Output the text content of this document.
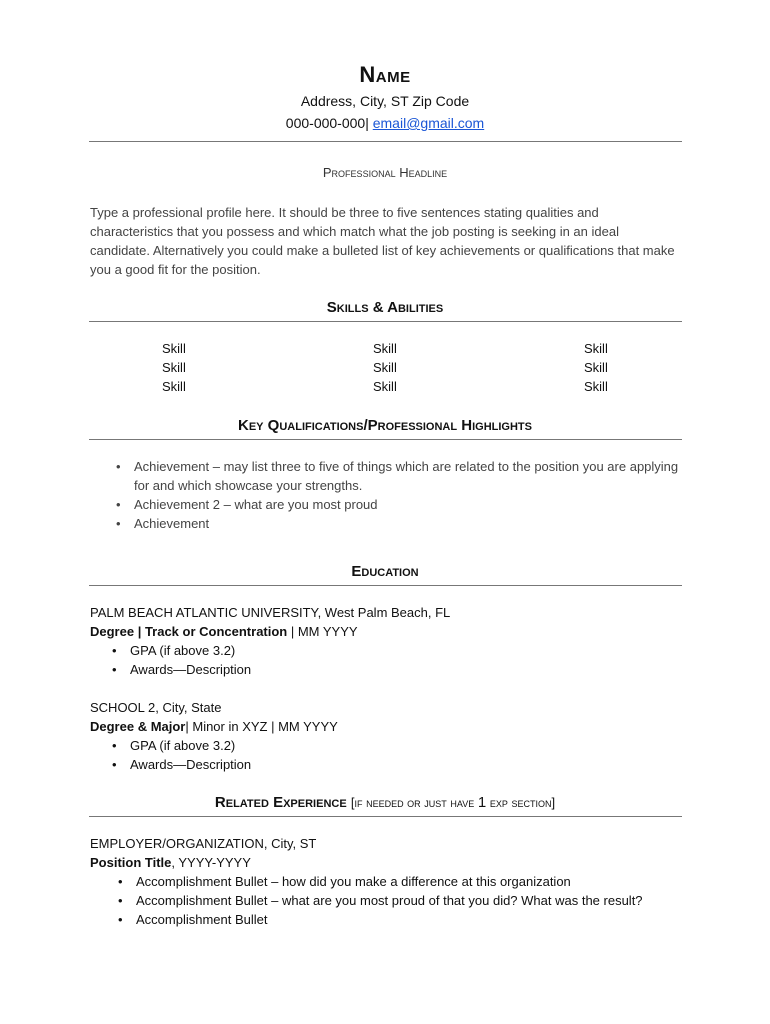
Name
Address, City, ST Zip Code
000-000-000| email@gmail.com
Professional Headline
Type a professional profile here. It should be three to five sentences stating qualities and characteristics that you possess and which match what the job posting is seeking in an ideal candidate. Alternatively you could make a bulleted list of key achievements or qualifications that make you a good fit for the position.
Skills & Abilities
Skill
Skill
Skill
Skill
Skill
Skill
Skill
Skill
Skill
Key Qualifications/Professional Highlights
• Achievement – may list three to five of things which are related to the position you are applying for and which showcase your strengths.
• Achievement 2 – what are you most proud
• Achievement
Education
PALM BEACH ATLANTIC UNIVERSITY, West Palm Beach, FL
Degree | Track or Concentration | MM YYYY
• GPA (if above 3.2)
• Awards—Description
SCHOOL 2, City, State
Degree & Major| Minor in XYZ | MM YYYY
• GPA (if above 3.2)
• Awards—Description
Related Experience [if needed or just have 1 exp section]
EMPLOYER/ORGANIZATION, City, ST
Position Title, YYYY-YYYY
• Accomplishment Bullet – how did you make a difference at this organization
• Accomplishment Bullet – what are you most proud of that you did? What was the result?
• Accomplishment Bullet
